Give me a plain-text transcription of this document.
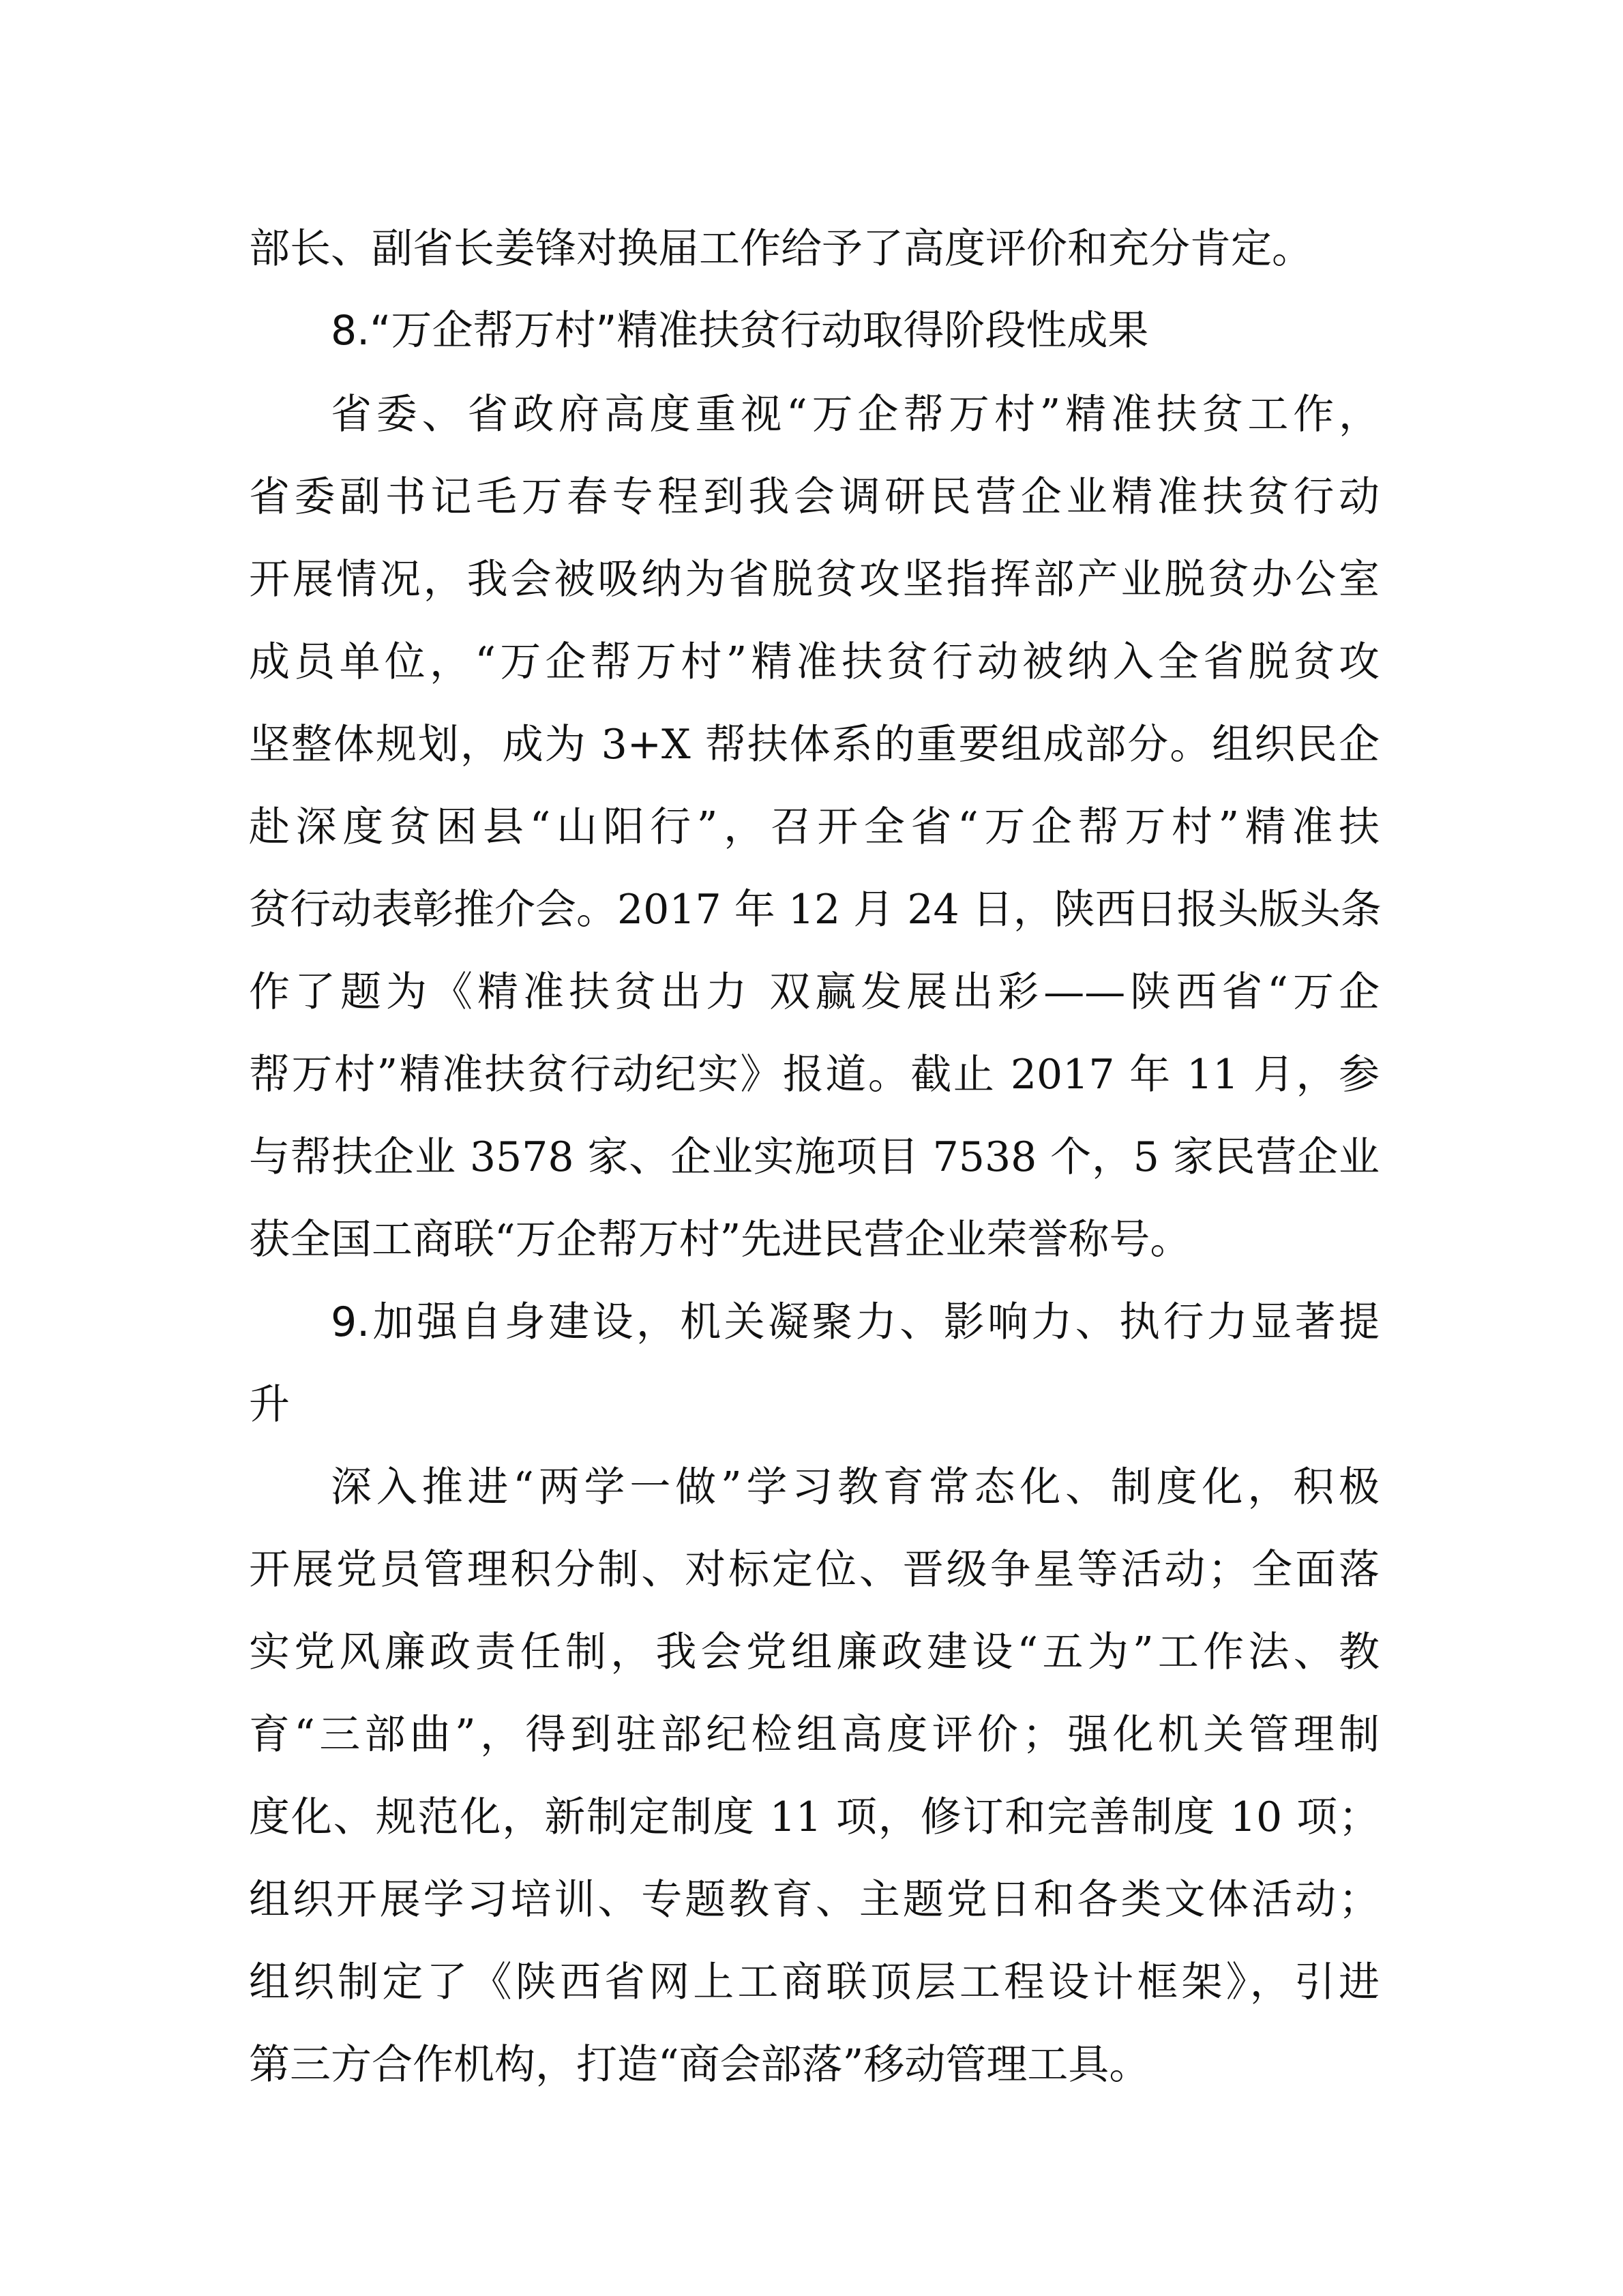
部长、副省长姜锋对换届工作给予了高度评价和充分肯定。
8.“万企帮万村”精准扶贫行动取得阶段性成果
省委、省政府高度重视“万企帮万村”精准扶贫工作，
省委副书记毛万春专程到我会调研民营企业精准扶贫行动
开展情况，我会被吸纳为省脱贫攻坚指挥部产业脱贫办公室
成员单位，“万企帮万村”精准扶贫行动被纳入全省脱贫攻
坚整体规划，成为 3+X 帮扶体系的重要组成部分。组织民企
赴深度贫困县“山阳行”，召开全省“万企帮万村”精准扶
贫行动表彰推介会。2017 年 12 月 24 日，陕西日报头版头条
作了题为《精准扶贫出力 双赢发展出彩——陕西省“万企
帮万村”精准扶贫行动纪实》报道。截止 2017 年 11 月，参
与帮扶企业 3578 家、企业实施项目 7538 个，5 家民营企业
获全国工商联“万企帮万村”先进民营企业荣誉称号。
9.加强自身建设，机关凝聚力、影响力、执行力显著提
升
深入推进“两学一做”学习教育常态化、制度化，积极
开展党员管理积分制、对标定位、晋级争星等活动；全面落
实党风廉政责任制，我会党组廉政建设“五为”工作法、教
育“三部曲”，得到驻部纪检组高度评价；强化机关管理制
度化、规范化，新制定制度 11 项，修订和完善制度 10 项；
组织开展学习培训、专题教育、主题党日和各类文体活动；
组织制定了《陕西省网上工商联顶层工程设计框架》，引进
第三方合作机构，打造“商会部落”移动管理工具。
